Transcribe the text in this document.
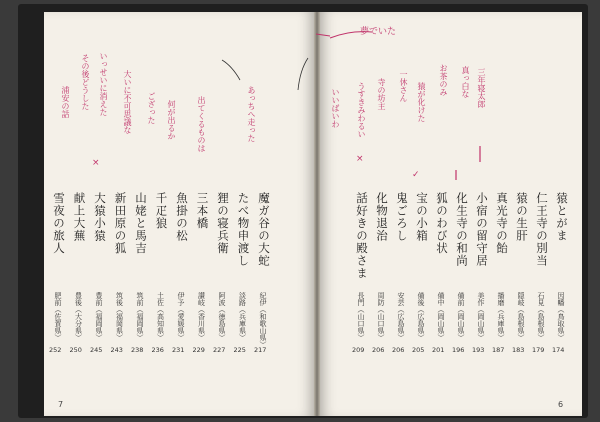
7	6
魔ガ谷の大蛇
紀伊（和歌山県）
217
たべ物申渡し
淡路（兵庫県）
225
狸の寝兵衛
阿波（徳島県）
227
三本橋
讃岐（香川県）
229
魚掛の松
伊予（愛媛県）
231
千疋狼
土佐（高知県）
236
山姥と馬吉
筑前（福岡県）
238
新田原の狐
筑後（福岡県）
243
大猿小猿
豊前（福岡県）
245
献上大蕪
豊後（大分県）
250
雪夜の旅人
肥前（佐賀県）
252
猿とがま
因幡（鳥取県）
174
仁王寺の別当
石見（島根県）
179
猿の生肝
隠岐（島根県）
183
真光寺の飴
播磨（兵庫県）
187
小宿の留守居
美作（岡山県）
193
化生寺の和尚
備前（岡山県）
196
狐のわび状
備中（岡山県）
201
宝の小箱
備後（広島県）
205
鬼ごろし
安芸（広島県）
206
化物退治
周防（山口県）
206
話好きの殿さま
長門（山口県）
209
その後どうした いっせいに消えた 大いに不可思議な ござった 何が出るか	出てくるものは	あっちへ走った
浦安の話
×
夢でいた
三年寝太郎
真っ白な
お茶のみ
猿が化けた
一休さん
寺の坊主
うすきみわるい
いいばいわ
×
✓
